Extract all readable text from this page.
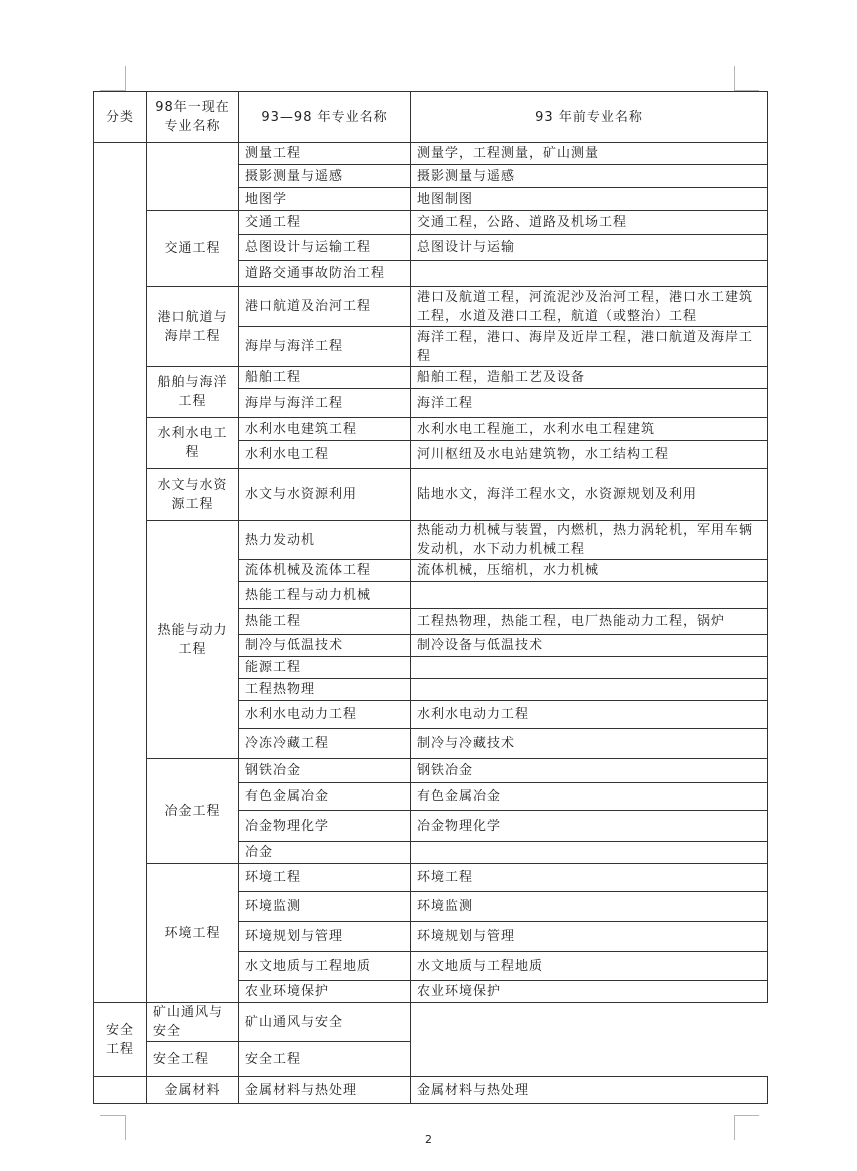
分类	98年一现在专业名称	93—98 年专业名称	93 年前专业名称
		测量工程	测量学，工程测量，矿山测量
		摄影测量与遥感	摄影测量与遥感
		地图学	地图制图
	交通工程	交通工程	交通工程，公路、道路及机场工程
		总图设计与运输工程	总图设计与运输
		道路交通事故防治工程	
	港口航道与海岸工程	港口航道及治河工程	港口及航道工程，河流泥沙及治河工程，港口水工建筑工程，水道及港口工程，航道（或整治）工程
		海岸与海洋工程	海洋工程，港口、海岸及近岸工程，港口航道及海岸工程
	船舶与海洋工程	船舶工程	船舶工程，造船工艺及设备
		海岸与海洋工程	海洋工程
	水利水电工程	水利水电建筑工程	水利水电工程施工，水利水电工程建筑
		水利水电工程	河川枢纽及水电站建筑物，水工结构工程
	水文与水资源工程	水文与水资源利用	陆地水文，海洋工程水文，水资源规划及利用
	热能与动力工程	热力发动机	热能动力机械与装置，内燃机，热力涡轮机，军用车辆发动机，水下动力机械工程
		流体机械及流体工程	流体机械，压缩机，水力机械
		热能工程与动力机械	
		热能工程	工程热物理，热能工程，电厂热能动力工程，锅炉
		制冷与低温技术	制冷设备与低温技术
		能源工程	
		工程热物理	
		水利水电动力工程	水利水电动力工程
		冷冻冷藏工程	制冷与冷藏技术
	冶金工程	钢铁冶金	钢铁冶金
		有色金属冶金	有色金属冶金
		冶金物理化学	冶金物理化学
		冶金	
	环境工程	环境工程	环境工程
		环境监测	环境监测
		环境规划与管理	环境规划与管理
		水文地质与工程地质	水文地质与工程地质
		农业环境保护	农业环境保护
安全工程	矿山通风与安全	矿山通风与安全	
	安全工程	安全工程	
	金属材料	金属材料与热处理	金属材料与热处理
2
